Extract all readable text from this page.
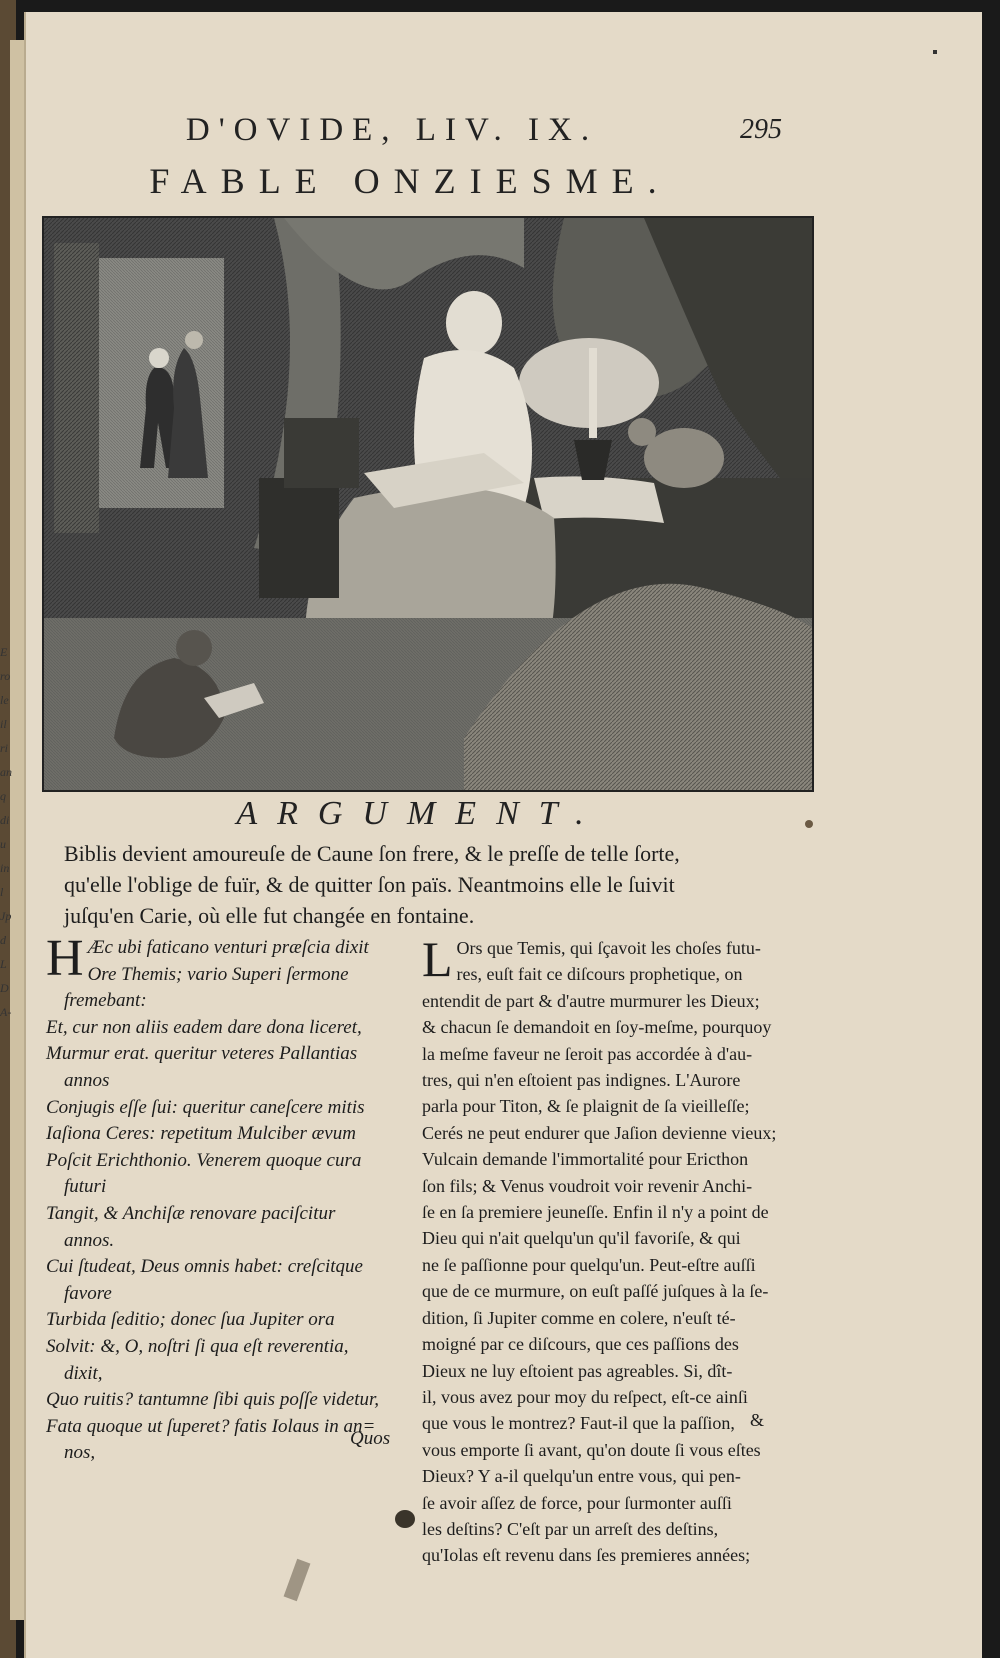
D'OVIDE, LIV. IX.	295
FABLE ONZIESME.
ARGUMENT.
Biblis devient amoureuſe de Caune ſon frere, & le preſſe de telle ſorte,
qu'elle l'oblige de fuïr, & de quitter ſon païs. Neantmoins elle le ſuivit
juſqu'en Carie, où elle fut changée en fontaine.
H Æc ubi faticano venturi præſcia dixit
Ore Themis; vario Superi ſermone
fremebant:
Et, cur non aliis eadem dare dona liceret,
Murmur erat. queritur veteres Pallantias
annos
Conjugis eſſe ſui: queritur caneſcere mitis
Iaſiona Ceres: repetitum Mulciber ævum
Poſcit Erichthonio. Venerem quoque cura
futuri
Tangit, & Anchiſæ renovare paciſcitur
annos.
Cui ſtudeat, Deus omnis habet: creſcitque
favore
Turbida ſeditio; donec ſua Jupiter ora
Solvit: &, O, noſtri ſi qua eſt reverentia,
dixit,
Quo ruitis? tantumne ſibi quis poſſe videtur,
Fata quoque ut ſuperet? fatis Iolaus in an=
nos,
Quos
L Ors que Temis, qui ſçavoit les choſes futu-
res, euſt fait ce diſcours prophetique, on
entendit de part & d'autre murmurer les Dieux;
& chacun ſe demandoit en ſoy-meſme, pourquoy
la meſme faveur ne ſeroit pas accordée à d'au-
tres, qui n'en eſtoient pas indignes. L'Aurore
parla pour Titon, & ſe plaignit de ſa vieilleſſe;
Cerés ne peut endurer que Jaſion devienne vieux;
Vulcain demande l'immortalité pour Ericthon
ſon fils; & Venus voudroit voir revenir Anchi-
ſe en ſa premiere jeuneſſe. Enfin il n'y a point de
Dieu qui n'ait quelqu'un qu'il favoriſe, & qui
ne ſe paſſionne pour quelqu'un. Peut-eſtre auſſi
que de ce murmure, on euſt paſſé juſques à la ſe-
dition, ſi Jupiter comme en colere, n'euſt té-
moigné par ce diſcours, que ces paſſions des
Dieux ne luy eſtoient pas agreables. Si, dît-
il, vous avez pour moy du reſpect, eſt-ce ainſi
que vous le montrez? Faut-il que la paſſion,
vous emporte ſi avant, qu'on doute ſi vous eſtes
Dieux? Y a-il quelqu'un entre vous, qui pen-
ſe avoir aſſez de force, pour ſurmonter auſſi
les deſtins? C'eſt par un arreſt des deſtins,
qu'Iolas eſt revenu dans ſes premieres années;
&
E
ro
le
il
ri
an
q
di
u
in
l
Jp
d
L
D
A-
